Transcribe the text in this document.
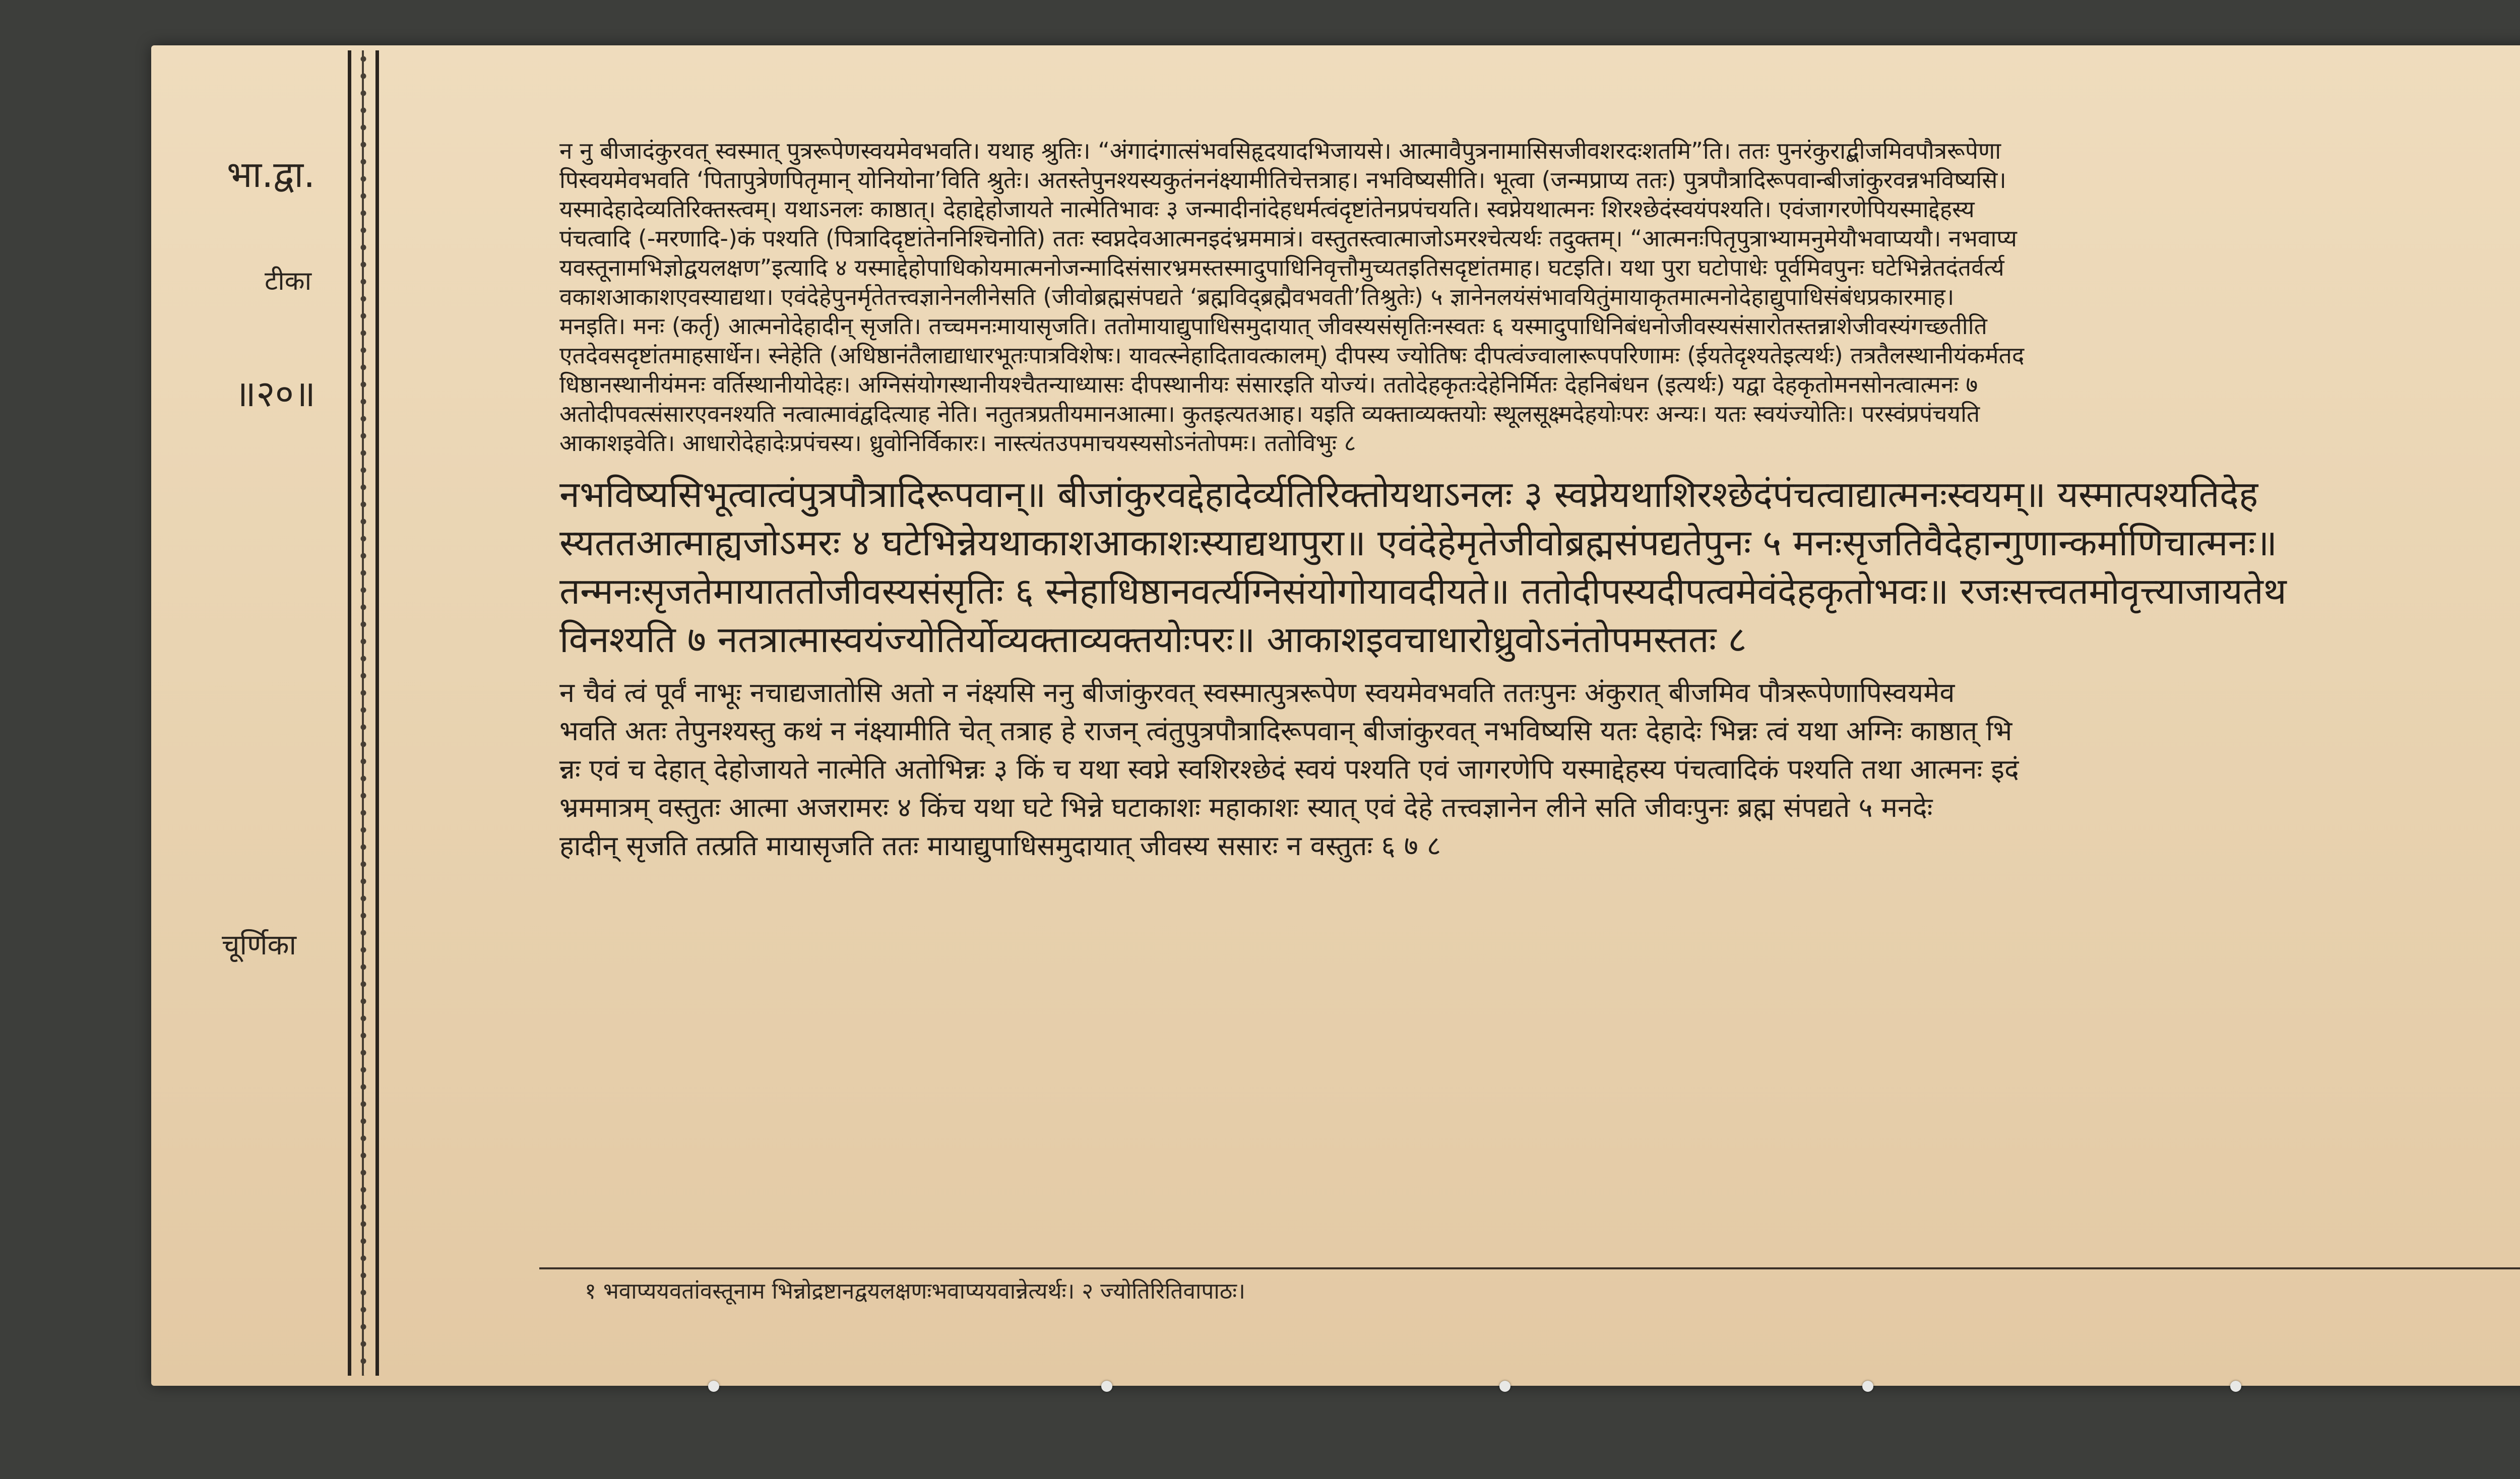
भा.द्वा.
टीका
॥२०॥
चूर्णिका

न नु बीजादंकुरवत् स्वस्मात् पुत्ररूपेणस्वयमेवभवति। यथाह श्रुतिः। “अंगादंगात्संभवसिहृदयादभिजायसे। आत्मावैपुत्रनामासिसजीवशरदःशतमि”ति। ततः पुनरंकुराद्बीजमिवपौत्ररूपेणा

पिस्वयमेवभवति ‘पितापुत्रेणपितृमान् योनियोना’विति श्रुतेः। अतस्तेपुनश्यस्यकुतंननंक्ष्यामीतिचेत्तत्राह। नभविष्यसीति। भूत्वा (जन्मप्राप्य ततः) पुत्रपौत्रादिरूपवान्बीजांकुरवन्नभविष्यसि।

यस्मादेहादेव्यतिरिक्तस्त्वम्। यथाऽनलः काष्ठात्। देहाद्देहोजायते नात्मेतिभावः ३ जन्मादीनांदेहधर्मत्वंदृष्टांतेनप्रपंचयति। स्वप्नेयथात्मनः शिरश्छेदंस्वयंपश्यति। एवंजागरणेपियस्माद्देहस्य

पंचत्वादि (-मरणादि-)कं पश्यति (पित्रादिदृष्टांतेननिश्चिनोति) ततः स्वप्नदेवआत्मनइदंभ्रममात्रं। वस्तुतस्त्वात्माजोऽमरश्चेत्यर्थः तदुक्तम्। “आत्मनःपितृपुत्राभ्यामनुमेयौभवाप्ययौ। नभवाप्य

यवस्तूनामभिज्ञोद्वयलक्षण”इत्यादि ४ यस्माद्देहोपाधिकोयमात्मनोजन्मादिसंसारभ्रमस्तस्मादुपाधिनिवृत्तौमुच्यतइतिसदृष्टांतमाह। घटइति। यथा पुरा घटोपाधेः पूर्वमिवपुनः घटेभिन्नेतदंतर्वर्त्य

वकाशआकाशएवस्याद्यथा। एवंदेहेपुनर्मृतेतत्त्वज्ञानेनलीनेसति (जीवोब्रह्मसंपद्यते ‘ब्रह्मविद्ब्रह्मैवभवती’तिश्रुतेः) ५ ज्ञानेनलयंसंभावयितुंमायाकृतमात्मनोदेहाद्युपाधिसंबंधप्रकारमाह।

मनइति। मनः (कर्तृ) आत्मनोदेहादीन् सृजति। तच्चमनःमायासृजति। ततोमायाद्युपाधिसमुदायात् जीवस्यसंसृतिःनस्वतः ६ यस्मादुपाधिनिबंधनोजीवस्यसंसारोतस्तन्नाशेजीवस्यंगच्छतीति

एतदेवसदृष्टांतमाहसार्धेन। स्नेहेति (अधिष्ठानंतैलाद्याधारभूतःपात्रविशेषः। यावत्स्नेहादितावत्कालम्) दीपस्य ज्योतिषः दीपत्वंज्वालारूपपरिणामः (ईयतेदृश्यतेइत्यर्थः) तत्रतैलस्थानीयंकर्मतद

धिष्ठानस्थानीयंमनः वर्तिस्थानीयोदेहः। अग्निसंयोगस्थानीयश्चैतन्याध्यासः दीपस्थानीयः संसारइति योज्यं। ततोदेहकृतःदेहेनिर्मितः देहनिबंधन (इत्यर्थः) यद्वा देहकृतोमनसोनत्वात्मनः ७

अतोदीपवत्संसारएवनश्यति नत्वात्मावंद्वदित्याह नेति। नतुतत्रप्रतीयमानआत्मा। कुतइत्यतआह। यइति व्यक्ताव्यक्तयोः स्थूलसूक्ष्मदेहयोःपरः अन्यः। यतः स्वयंज्योतिः। परस्वंप्रपंचयति

आकाशइवेति। आधारोदेहादेःप्रपंचस्य। ध्रुवोनिर्विकारः। नास्त्यंतउपमाचयस्यसोऽनंतोपमः। ततोविभुः ८

नभविष्यसिभूत्वात्वंपुत्रपौत्रादिरूपवान्॥ बीजांकुरवद्देहादेर्व्यतिरिक्तोयथाऽनलः ३ स्वप्नेयथाशिरश्छेदंपंचत्वाद्यात्मनःस्वयम्॥ यस्मात्पश्यतिदेह

स्यततआत्माह्यजोऽमरः ४ घटेभिन्नेयथाकाशआकाशःस्याद्यथापुरा॥ एवंदेहेमृतेजीवोब्रह्मसंपद्यतेपुनः ५ मनःसृजतिवैदेहान्गुणान्कर्माणिचात्मनः॥

तन्मनःसृजतेमायाततोजीवस्यसंसृतिः ६ स्नेहाधिष्ठानवर्त्यग्निसंयोगोयावदीयते॥ ततोदीपस्यदीपत्वमेवंदेहकृतोभवः॥ रजःसत्त्वतमोवृत्त्याजायतेथ

विनश्यति ७ नतत्रात्मास्वयंज्योतिर्योव्यक्ताव्यक्तयोःपरः॥ आकाशइवचाधारोध्रुवोऽनंतोपमस्ततः ८

न चैवं त्वं पूर्वं नाभूः नचाद्यजातोसि अतो न नंक्ष्यसि ननु बीजांकुरवत् स्वस्मात्पुत्ररूपेण स्वयमेवभवति ततःपुनः अंकुरात् बीजमिव पौत्ररूपेणापिस्वयमेव

भवति अतः तेपुनश्यस्तु कथं न नंक्ष्यामीति चेत् तत्राह हे राजन् त्वंतुपुत्रपौत्रादिरूपवान् बीजांकुरवत् नभविष्यसि यतः देहादेः भिन्नः त्वं यथा अग्निः काष्ठात् भि

न्नः एवं च देहात् देहोजायते नात्मेति अतोभिन्नः ३ किं च यथा स्वप्ने स्वशिरश्छेदं स्वयं पश्यति एवं जागरणेपि यस्माद्देहस्य पंचत्वादिकं पश्यति तथा आत्मनः इदं

भ्रममात्रम् वस्तुतः आत्मा अजरामरः ४ किंच यथा घटे भिन्ने घटाकाशः महाकाशः स्यात् एवं देहे तत्त्वज्ञानेन लीने सति जीवःपुनः ब्रह्म संपद्यते ५ मनदेः

हादीन् सृजति तत्प्रति मायासृजति ततः मायाद्युपाधिसमुदायात् जीवस्य ससारः न वस्तुतः ६ ७ ८

१ भवाप्ययवतांवस्तूनाम भिन्नोद्रष्टानद्वयलक्षणःभवाप्ययवान्नेत्यर्थः। २ ज्योतिरितिवापाठः।
